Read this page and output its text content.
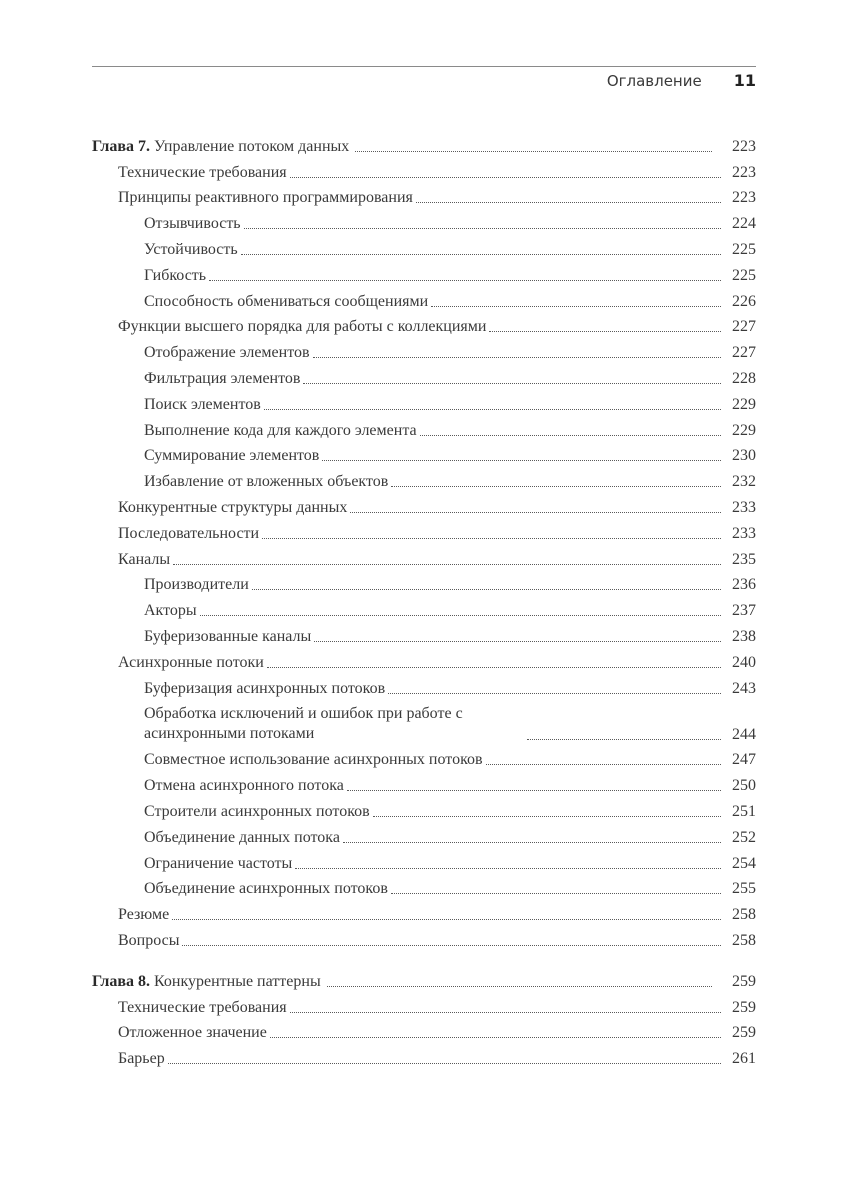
Оглавление 11
Глава 7. Управление потоком данных	223
Технические требования	223
Принципы реактивного программирования	223
Отзывчивость	224
Устойчивость	225
Гибкость	225
Способность обмениваться сообщениями	226
Функции высшего порядка для работы с коллекциями	227
Отображение элементов	227
Фильтрация элементов	228
Поиск элементов	229
Выполнение кода для каждого элемента	229
Суммирование элементов	230
Избавление от вложенных объектов	232
Конкурентные структуры данных	233
Последовательности	233
Каналы	235
Производители	236
Акторы	237
Буферизованные каналы	238
Асинхронные потоки	240
Буферизация асинхронных потоков	243
Обработка исключений и ошибок при работе с асинхронными потоками	244
Совместное использование асинхронных потоков	247
Отмена асинхронного потока	250
Строители асинхронных потоков	251
Объединение данных потока	252
Ограничение частоты	254
Объединение асинхронных потоков	255
Резюме	258
Вопросы	258
Глава 8. Конкурентные паттерны	259
Технические требования	259
Отложенное значение	259
Барьер	261
